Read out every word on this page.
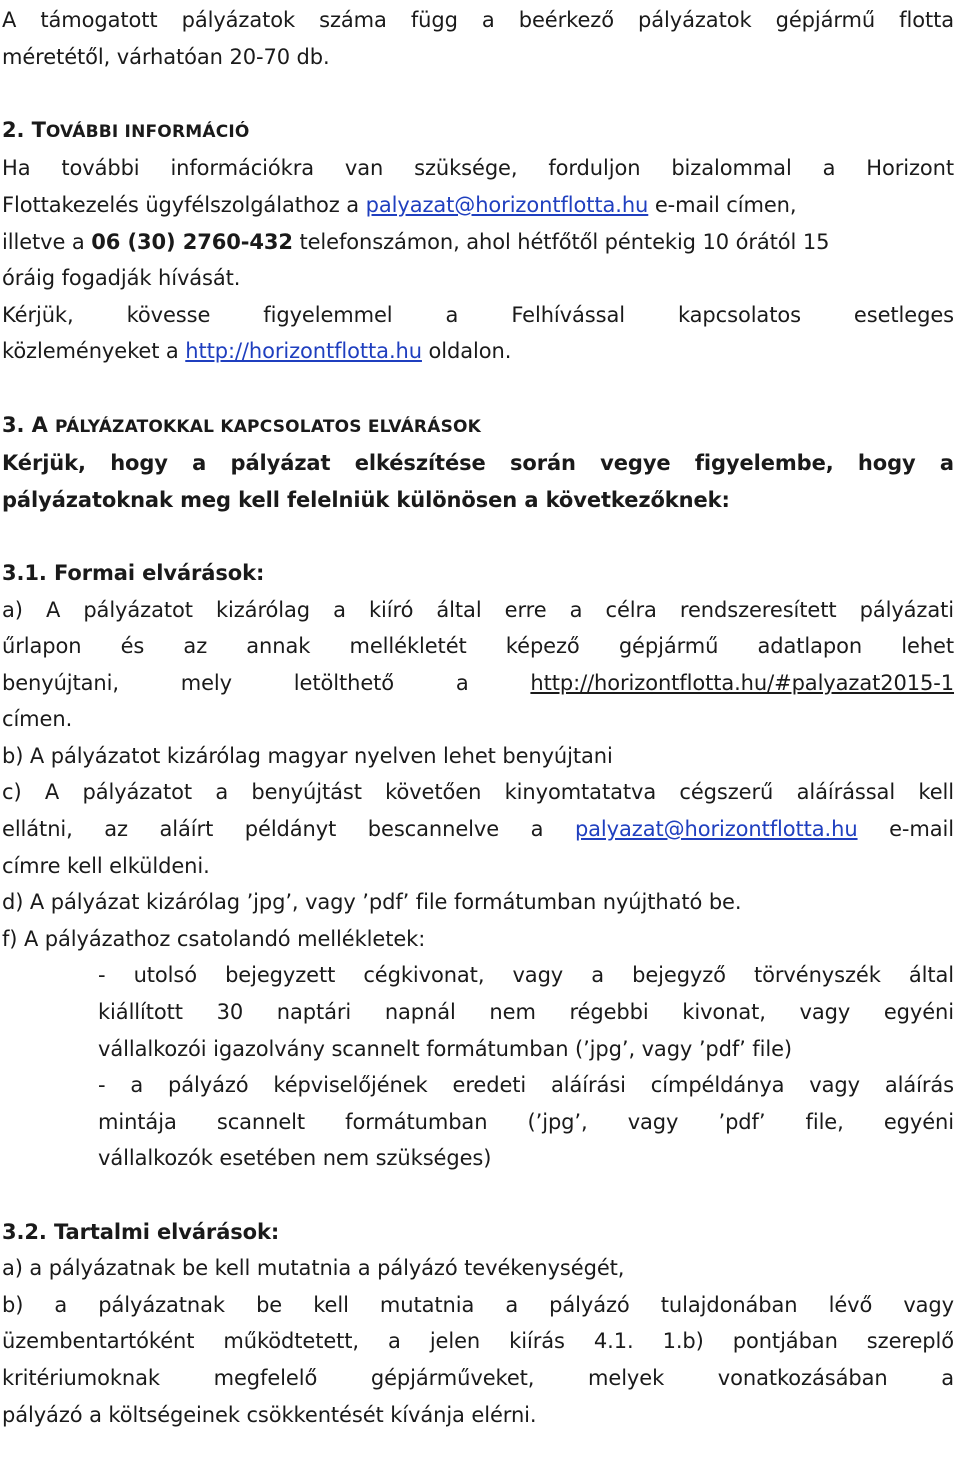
A támogatott pályázatok száma függ a beérkező pályázatok gépjármű flotta

méretétől, várhatóan 20-70 db.

2. TOVÁBBI INFORMÁCIÓ

Ha további információkra van szüksége, forduljon bizalommal a Horizont

Flottakezelés ügyfélszolgálathoz a palyazat@horizontflotta.hu e-mail címen,

illetve a 06 (30) 2760-432 telefonszámon, ahol hétfőtől péntekig 10 órától 15

óráig fogadják hívását.

Kérjük, kövesse figyelemmel a Felhívással kapcsolatos esetleges

közleményeket a http://horizontflotta.hu oldalon.

3. A PÁLYÁZATOKKAL KAPCSOLATOS ELVÁRÁSOK

Kérjük, hogy a pályázat elkészítése során vegye figyelembe, hogy a

pályázatoknak meg kell felelniük különösen a következőknek:

3.1. Formai elvárások:

a) A pályázatot kizárólag a kiíró által erre a célra rendszeresített pályázati

űrlapon és az annak mellékletét képező gépjármű adatlapon lehet

benyújtani, mely letölthető a	http://horizontflotta.hu/#palyazat2015-1

címen.

b) A pályázatot kizárólag magyar nyelven lehet benyújtani

c) A pályázatot a benyújtást követően kinyomtatatva cégszerű aláírással kell

ellátni, az aláírt példányt bescannelve a palyazat@horizontflotta.hu e-mail

címre kell elküldeni.

d) A pályázat kizárólag ’jpg’, vagy ’pdf’ file formátumban nyújtható be.

f) A pályázathoz csatolandó mellékletek:

- utolsó bejegyzett cégkivonat, vagy a bejegyző törvényszék által

kiállított 30 naptári napnál nem régebbi kivonat, vagy egyéni

vállalkozói igazolvány scannelt formátumban (’jpg’, vagy ’pdf’ file)

- a pályázó képviselőjének eredeti aláírási címpéldánya vagy aláírás

mintája scannelt formátumban (’jpg’, vagy ’pdf’ file, egyéni

vállalkozók esetében nem szükséges)

3.2. Tartalmi elvárások:

a) a pályázatnak be kell mutatnia a pályázó tevékenységét,

b) a pályázatnak be kell mutatnia a pályázó tulajdonában lévő vagy

üzembentartóként működtetett, a jelen kiírás 4.1. 1.b) pontjában szereplő

kritériumoknak megfelelő gépjárműveket, melyek vonatkozásában a

pályázó a költségeinek csökkentését kívánja elérni.
